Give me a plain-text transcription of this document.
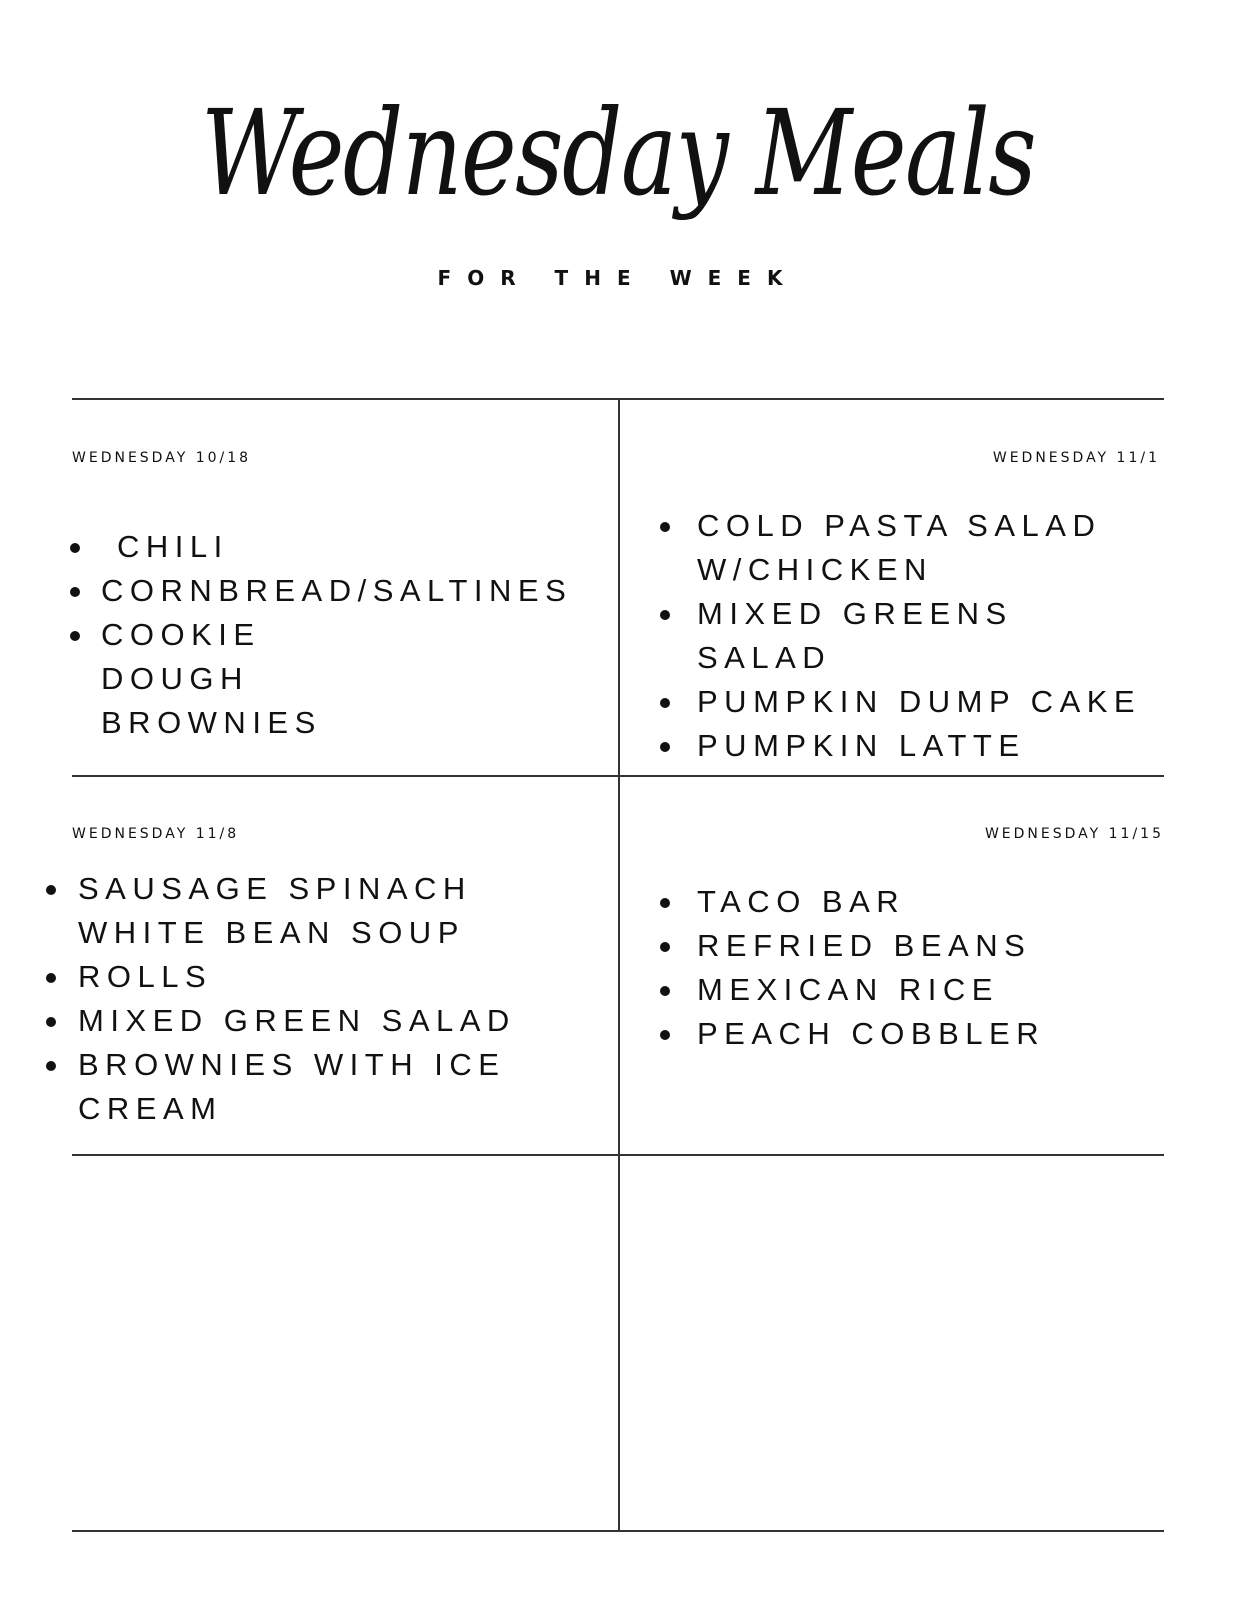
Wednesday Meals
FOR THE WEEK
WEDNESDAY 10/18
CHILI
CORNBREAD/SALTINES
COOKIE DOUGH BROWNIES
WEDNESDAY 11/1
COLD PASTA SALAD W/CHICKEN
MIXED GREENS SALAD
PUMPKIN DUMP CAKE
PUMPKIN LATTE
WEDNESDAY 11/8
SAUSAGE SPINACH WHITE BEAN SOUP
ROLLS
MIXED GREEN SALAD
BROWNIES WITH ICE CREAM
WEDNESDAY 11/15
TACO BAR
REFRIED BEANS
MEXICAN RICE
PEACH COBBLER
